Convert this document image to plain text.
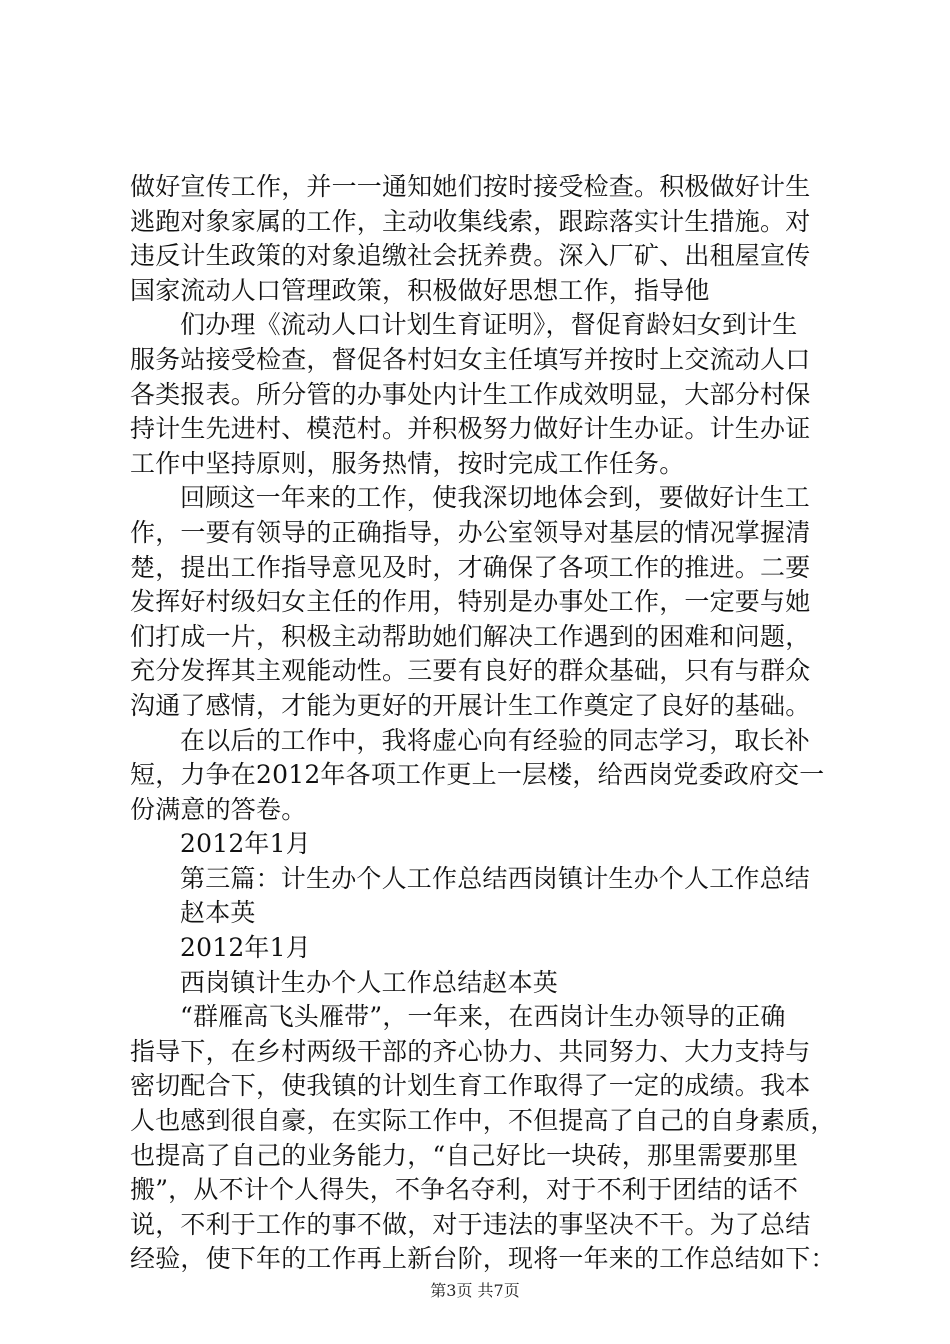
做好宣传工作，并一一通知她们按时接受检查。积极做好计生
逃跑对象家属的工作，主动收集线索，跟踪落实计生措施。对
违反计生政策的对象追缴社会抚养费。深入厂矿、出租屋宣传
国家流动人口管理政策，积极做好思想工作，指导他
们办理《流动人口计划生育证明》，督促育龄妇女到计生
服务站接受检查，督促各村妇女主任填写并按时上交流动人口
各类报表。所分管的办事处内计生工作成效明显，大部分村保
持计生先进村、模范村。并积极努力做好计生办证。计生办证
工作中坚持原则，服务热情，按时完成工作任务。
回顾这一年来的工作，使我深切地体会到，要做好计生工
作，一要有领导的正确指导，办公室领导对基层的情况掌握清
楚，提出工作指导意见及时，才确保了各项工作的推进。二要
发挥好村级妇女主任的作用，特别是办事处工作，一定要与她
们打成一片，积极主动帮助她们解决工作遇到的困难和问题，
充分发挥其主观能动性。三要有良好的群众基础，只有与群众
沟通了感情，才能为更好的开展计生工作奠定了良好的基础。
在以后的工作中，我将虚心向有经验的同志学习，取长补
短，力争在2012年各项工作更上一层楼，给西岗党委政府交一
份满意的答卷。
2012年1月
第三篇：计生办个人工作总结西岗镇计生办个人工作总结
赵本英
2012年1月
西岗镇计生办个人工作总结赵本英
“群雁高飞头雁带”，一年来，在西岗计生办领导的正确
指导下，在乡村两级干部的齐心协力、共同努力、大力支持与
密切配合下，使我镇的计划生育工作取得了一定的成绩。我本
人也感到很自豪，在实际工作中，不但提高了自己的自身素质，
也提高了自己的业务能力，“自己好比一块砖，那里需要那里
搬”，从不计个人得失，不争名夺利，对于不利于团结的话不
说，不利于工作的事不做，对于违法的事坚决不干。为了总结
经验，使下年的工作再上新台阶，现将一年来的工作总结如下：
第3页 共7页
